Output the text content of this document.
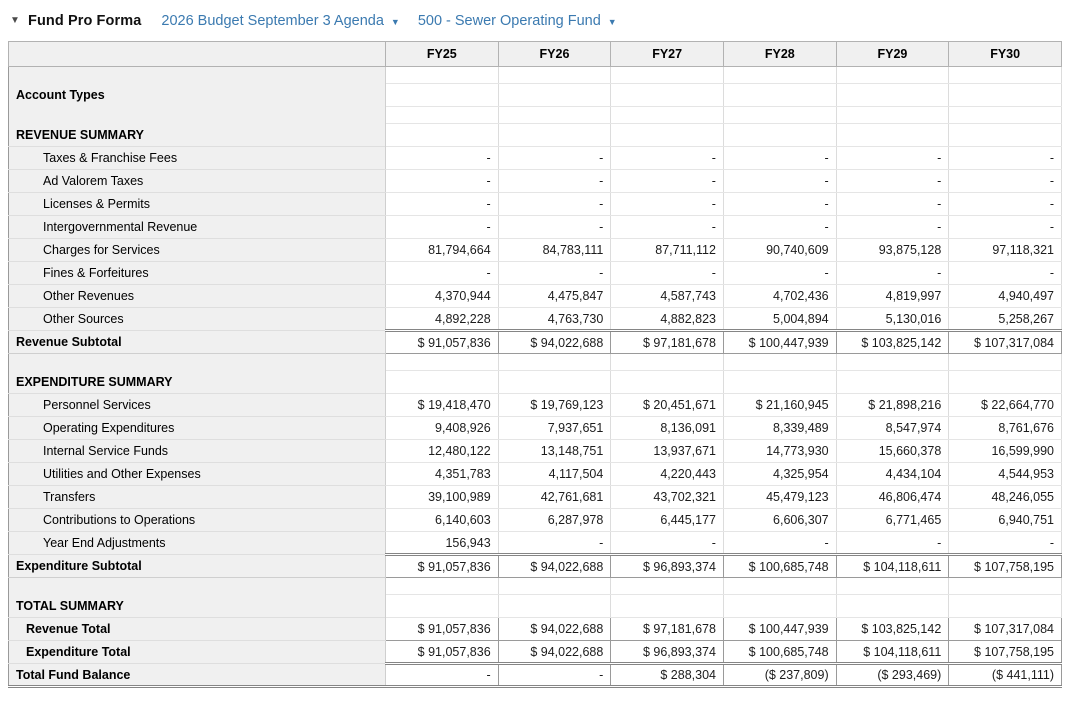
▼ Fund Pro Forma 2026 Budget September 3 Agenda ▼ 500 - Sewer Operating Fund ▼
	FY25	FY26	FY27	FY28	FY29	FY30

Account Types						

REVENUE SUMMARY						
Taxes & Franchise Fees	-	-	-	-	-	-
Ad Valorem Taxes	-	-	-	-	-	-
Licenses & Permits	-	-	-	-	-	-
Intergovernmental Revenue	-	-	-	-	-	-
Charges for Services	81,794,664	84,783,111	87,711,112	90,740,609	93,875,128	97,118,321
Fines & Forfeitures	-	-	-	-	-	-
Other Revenues	4,370,944	4,475,847	4,587,743	4,702,436	4,819,997	4,940,497
Other Sources	4,892,228	4,763,730	4,882,823	5,004,894	5,130,016	5,258,267
Revenue Subtotal	$ 91,057,836	$ 94,022,688	$ 97,181,678	$ 100,447,939	$ 103,825,142	$ 107,317,084

EXPENDITURE SUMMARY						
Personnel Services	$ 19,418,470	$ 19,769,123	$ 20,451,671	$ 21,160,945	$ 21,898,216	$ 22,664,770
Operating Expenditures	9,408,926	7,937,651	8,136,091	8,339,489	8,547,974	8,761,676
Internal Service Funds	12,480,122	13,148,751	13,937,671	14,773,930	15,660,378	16,599,990
Utilities and Other Expenses	4,351,783	4,117,504	4,220,443	4,325,954	4,434,104	4,544,953
Transfers	39,100,989	42,761,681	43,702,321	45,479,123	46,806,474	48,246,055
Contributions to Operations	6,140,603	6,287,978	6,445,177	6,606,307	6,771,465	6,940,751
Year End Adjustments	156,943	-	-	-	-	-
Expenditure Subtotal	$ 91,057,836	$ 94,022,688	$ 96,893,374	$ 100,685,748	$ 104,118,611	$ 107,758,195

TOTAL SUMMARY						
Revenue Total	$ 91,057,836	$ 94,022,688	$ 97,181,678	$ 100,447,939	$ 103,825,142	$ 107,317,084
Expenditure Total	$ 91,057,836	$ 94,022,688	$ 96,893,374	$ 100,685,748	$ 104,118,611	$ 107,758,195
Total Fund Balance	-	-	$ 288,304	($ 237,809)	($ 293,469)	($ 441,111)
